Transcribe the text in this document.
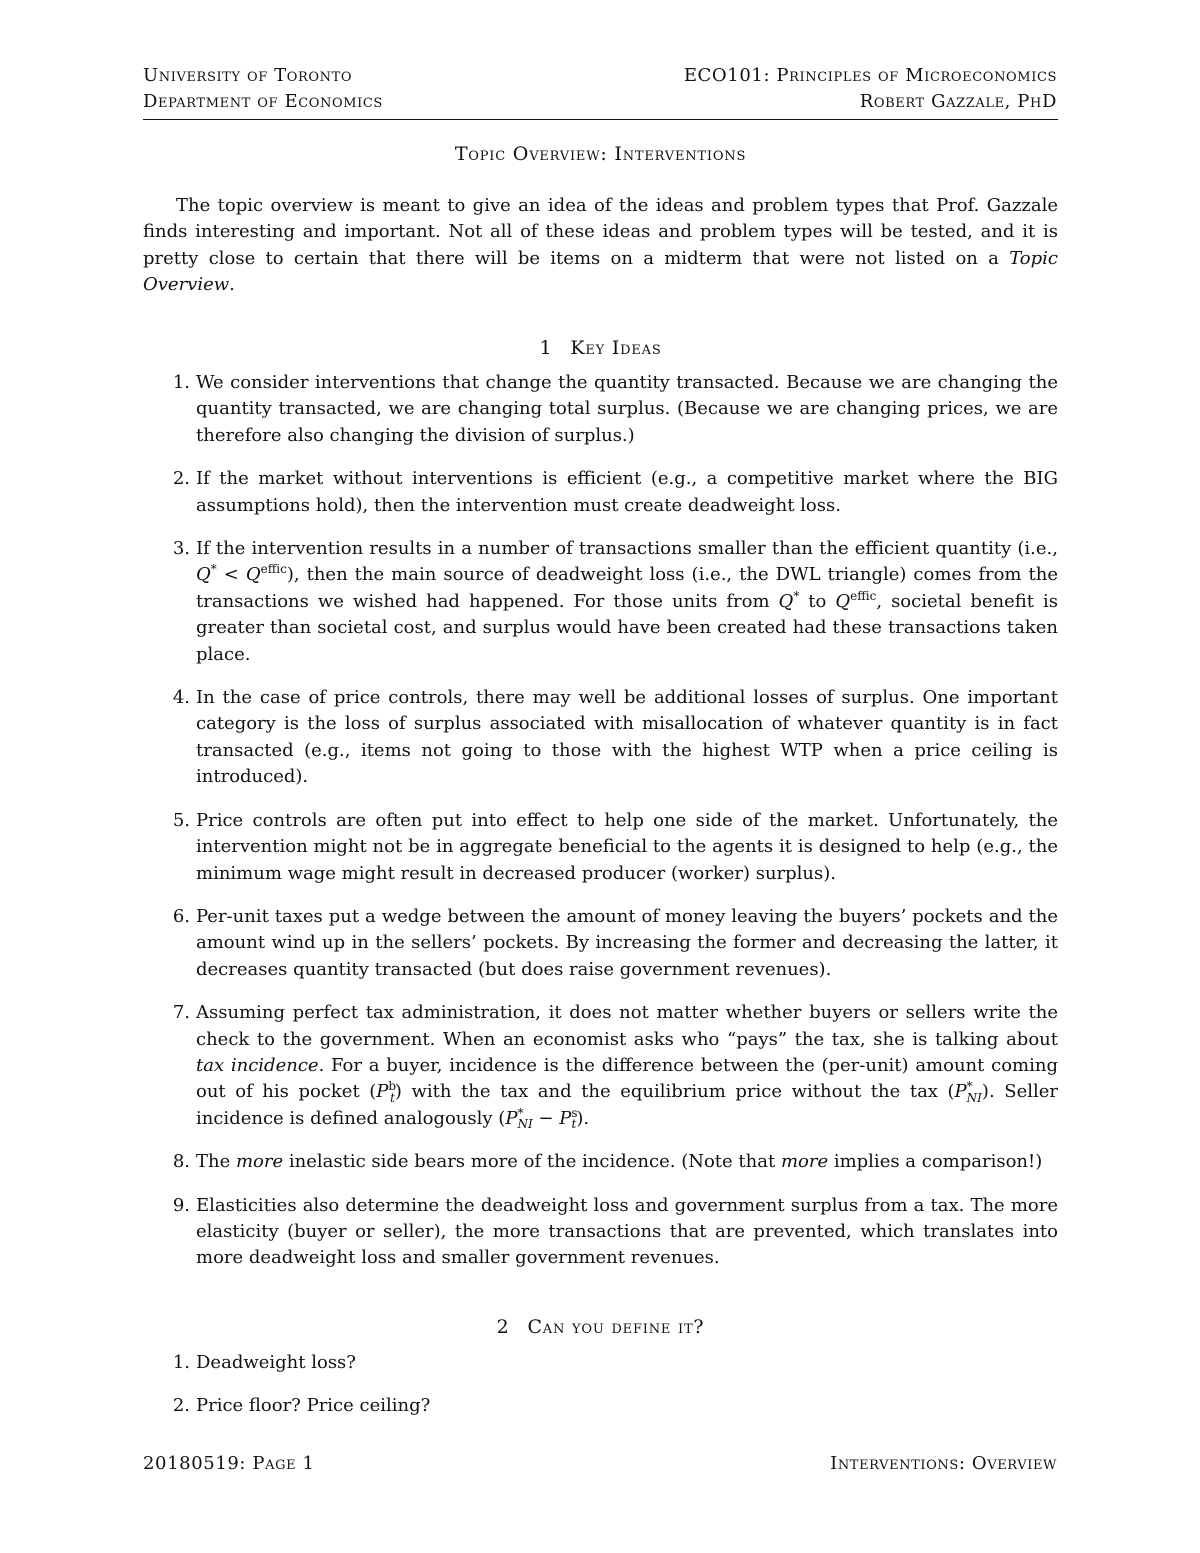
University of Toronto
Department of Economics
ECO101: Principles of Microeconomics
Robert Gazzale, PhD
Topic Overview: Interventions

The topic overview is meant to give an idea of the ideas and problem types that Prof. Gazzale finds interesting and important. Not all of these ideas and problem types will be tested, and it is pretty close to certain that there will be items on a midterm that were not listed on a Topic Overview.

1 Key Ideas
1. We consider interventions that change the quantity transacted. Because we are changing the quantity transacted, we are changing total surplus. (Because we are changing prices, we are therefore also changing the division of surplus.)
2. If the market without interventions is efficient (e.g., a competitive market where the BIG assumptions hold), then the intervention must create deadweight loss.
3. If the intervention results in a number of transactions smaller than the efficient quantity (i.e., $Q^* < Q^{effic}$), then the main source of deadweight loss (i.e., the DWL triangle) comes from the transactions we wished had happened. For those units from Q* to $Q^{effic}$, societal benefit is greater than societal cost, and surplus would have been created had these transactions taken place.
4. In the case of price controls, there may well be additional losses of surplus. One important category is the loss of surplus associated with misallocation of whatever quantity is in fact transacted (e.g., items not going to those with the highest WTP when a price ceiling is introduced).
5. Price controls are often put into effect to help one side of the market. Unfortunately, the intervention might not be in aggregate beneficial to the agents it is designed to help (e.g., the minimum wage might result in decreased producer (worker) surplus).
6. Per-unit taxes put a wedge between the amount of money leaving the buyers’ pockets and the amount wind up in the sellers’ pockets. By increasing the former and decreasing the latter, it decreases quantity transacted (but does raise government revenues).
7. Assuming perfect tax administration, it does not matter whether buyers or sellers write the check to the government. When an economist asks who “pays” the tax, she is talking about tax incidence. For a buyer, incidence is the difference between the (per-unit) amount coming out of his pocket $(P^b_t)$ with the tax and the equilibrium price without the tax $(P^*_{NI})$. Seller incidence is defined analogously $(P^*_{NI} - P^s_t)$.
8. The more inelastic side bears more of the incidence. (Note that more implies a comparison!)
9. Elasticities also determine the deadweight loss and government surplus from a tax. The more elasticity (buyer or seller), the more transactions that are prevented, which translates into more deadweight loss and smaller government revenues.
2 Can you define it?
1. Deadweight loss?
2. Price floor? Price ceiling?
20180519: Page 1	Interventions: Overview
